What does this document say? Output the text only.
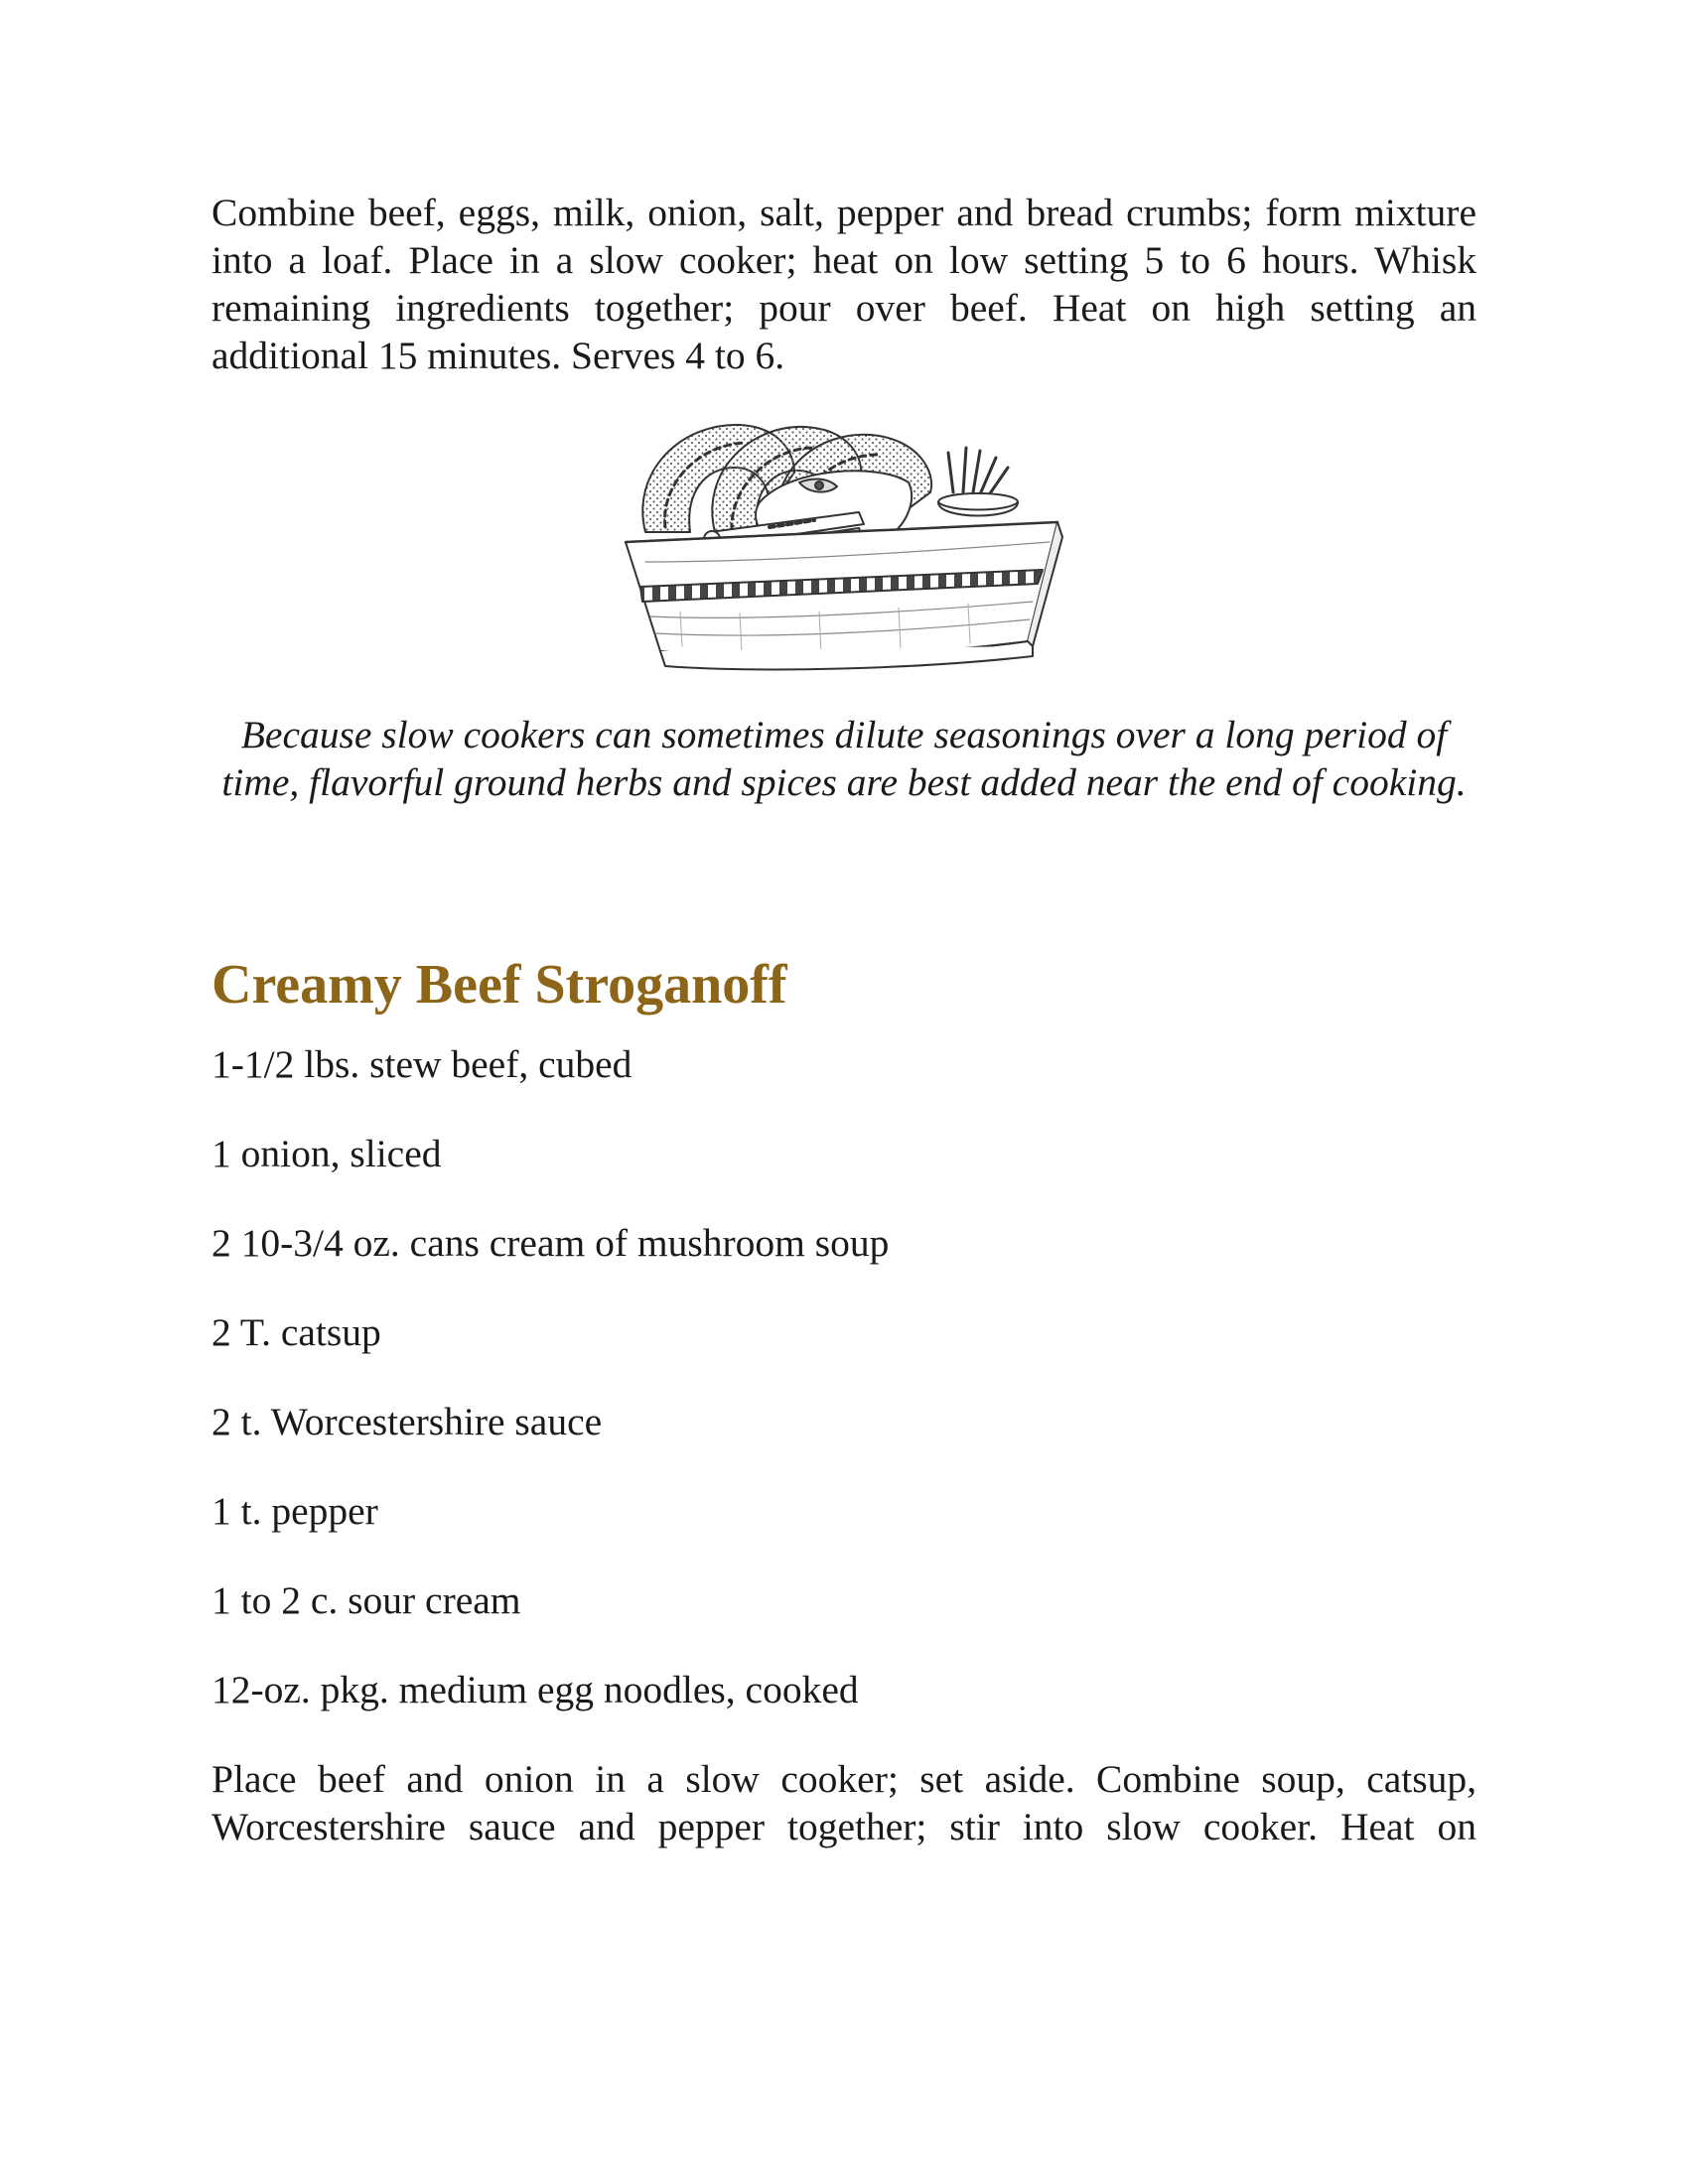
Combine beef, eggs, milk, onion, salt, pepper and bread crumbs; form mixture into a loaf. Place in a slow cooker; heat on low setting 5 to 6 hours. Whisk remaining ingredients together; pour over beef. Heat on high setting an additional 15 minutes. Serves 4 to 6.

Because slow cookers can sometimes dilute seasonings over a long period of time, flavorful ground herbs and spices are best added near the end of cooking.

Creamy Beef Stroganoff
1-1/2 lbs. stew beef, cubed
1 onion, sliced
2 10-3/4 oz. cans cream of mushroom soup
2 T. catsup
2 t. Worcestershire sauce
1 t. pepper
1 to 2 c. sour cream
12-oz. pkg. medium egg noodles, cooked

Place beef and onion in a slow cooker; set aside. Combine soup, catsup, Worcestershire sauce and pepper together; stir into slow cooker. Heat on
